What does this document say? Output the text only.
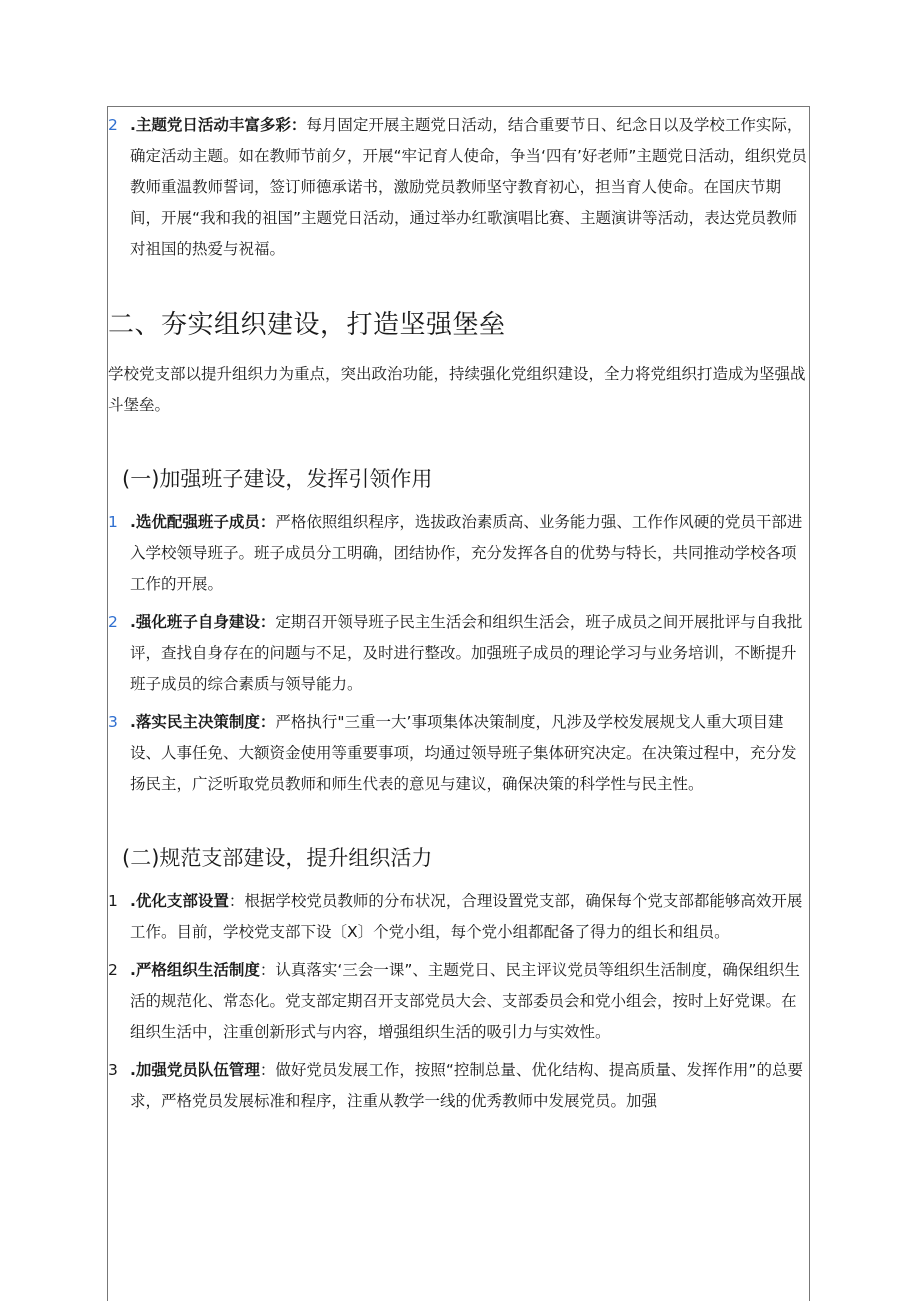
2 .主题党日活动丰富多彩：每月固定开展主题党日活动，结合重要节日、纪念日以及学校工作实际，确定活动主题。如在教师节前夕，开展“牢记育人使命，争当‘四有’好老师”主题党日活动，组织党员教师重温教师誓词，签订师德承诺书，激励党员教师坚守教育初心，担当育人使命。在国庆节期间，开展“我和我的祖国”主题党日活动，通过举办红歌演唱比赛、主题演讲等活动，表达党员教师对祖国的热爱与祝福。
二、夯实组织建设，打造坚强堡垒
学校党支部以提升组织力为重点，突出政治功能，持续强化党组织建设，全力将党组织打造成为坚强战斗堡垒。
(一)加强班子建设，发挥引领作用
1 .选优配强班子成员：严格依照组织程序，选拔政治素质高、业务能力强、工作作风硬的党员干部进入学校领导班子。班子成员分工明确，团结协作，充分发挥各自的优势与特长，共同推动学校各项工作的开展。
2 .强化班子自身建设：定期召开领导班子民主生活会和组织生活会，班子成员之间开展批评与自我批评，查找自身存在的问题与不足，及时进行整改。加强班子成员的理论学习与业务培训，不断提升班子成员的综合素质与领导能力。
3 .落实民主决策制度：严格执行"三重一大’事项集体决策制度，凡涉及学校发展规戈人重大项目建设、人事任免、大额资金使用等重要事项，均通过领导班子集体研究决定。在决策过程中，充分发扬民主，广泛听取党员教师和师生代表的意见与建议，确保决策的科学性与民主性。
(二)规范支部建设，提升组织活力
1 .优化支部设置：根据学校党员教师的分布状况，合理设置党支部，确保每个党支部都能够高效开展工作。目前，学校党支部下设〔X〕个党小组，每个党小组都配备了得力的组长和组员。
2 .严格组织生活制度：认真落实‘三会一课”、主题党日、民主评议党员等组织生活制度，确保组织生活的规范化、常态化。党支部定期召开支部党员大会、支部委员会和党小组会，按时上好党课。在组织生活中，注重创新形式与内容，增强组织生活的吸引力与实效性。
3 .加强党员队伍管理：做好党员发展工作，按照“控制总量、优化结构、提高质量、发挥作用”的总要求，严格党员发展标准和程序，注重从教学一线的优秀教师中发展党员。加强
